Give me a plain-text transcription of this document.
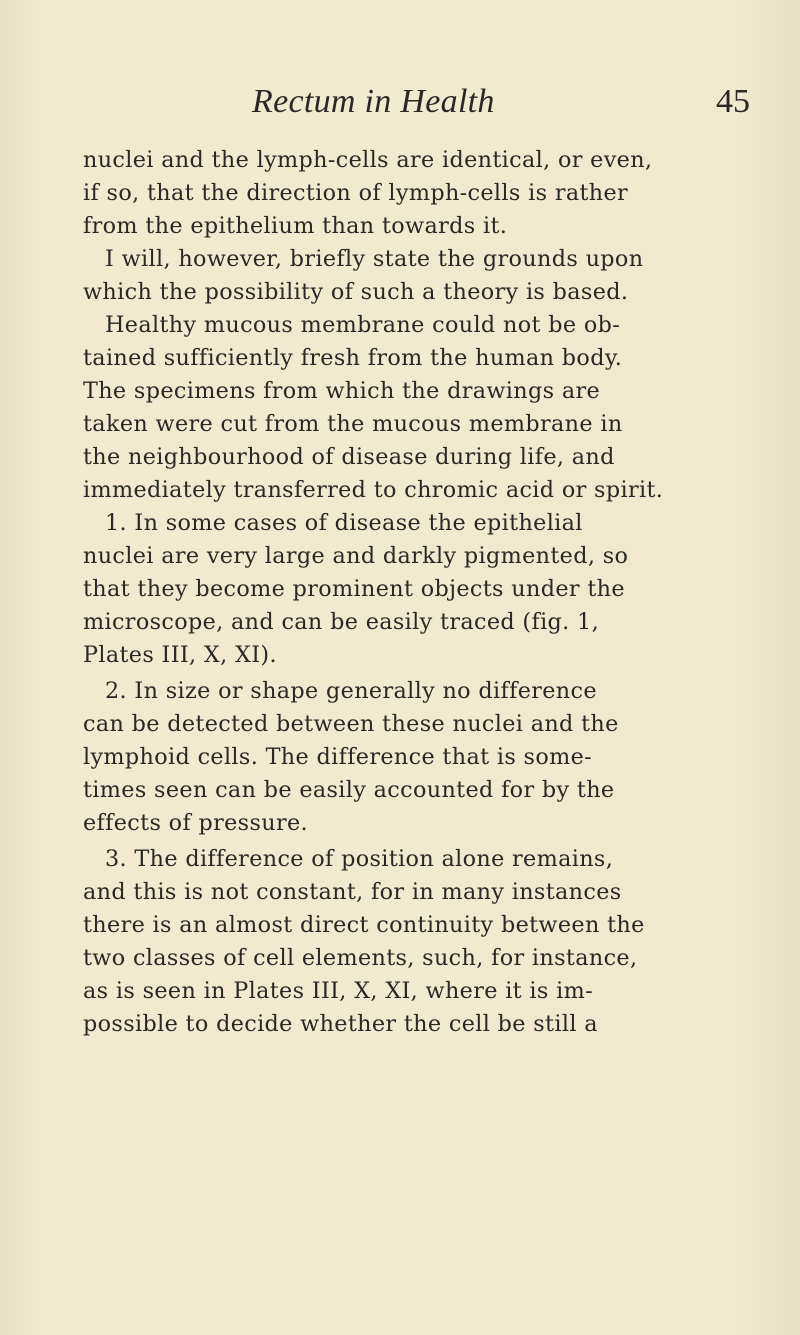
Rectum in Health	45
nuclei and the lymph-cells are identical, or even,
if so, that the direction of lymph-cells is rather
from the epithelium than towards it.
I will, however, briefly state the grounds upon
which the possibility of such a theory is based.
Healthy mucous membrane could not be ob-
tained sufficiently fresh from the human body.
The specimens from which the drawings are
taken were cut from the mucous membrane in
the neighbourhood of disease during life, and
immediately transferred to chromic acid or spirit.
1. In some cases of disease the epithelial
nuclei are very large and darkly pigmented, so
that they become prominent objects under the
microscope, and can be easily traced (fig. 1,
Plates III, X, XI).
2. In size or shape generally no difference
can be detected between these nuclei and the
lymphoid cells. The difference that is some-
times seen can be easily accounted for by the
effects of pressure.
3. The difference of position alone remains,
and this is not constant, for in many instances
there is an almost direct continuity between the
two classes of cell elements, such, for instance,
as is seen in Plates III, X, XI, where it is im-
possible to decide whether the cell be still a
